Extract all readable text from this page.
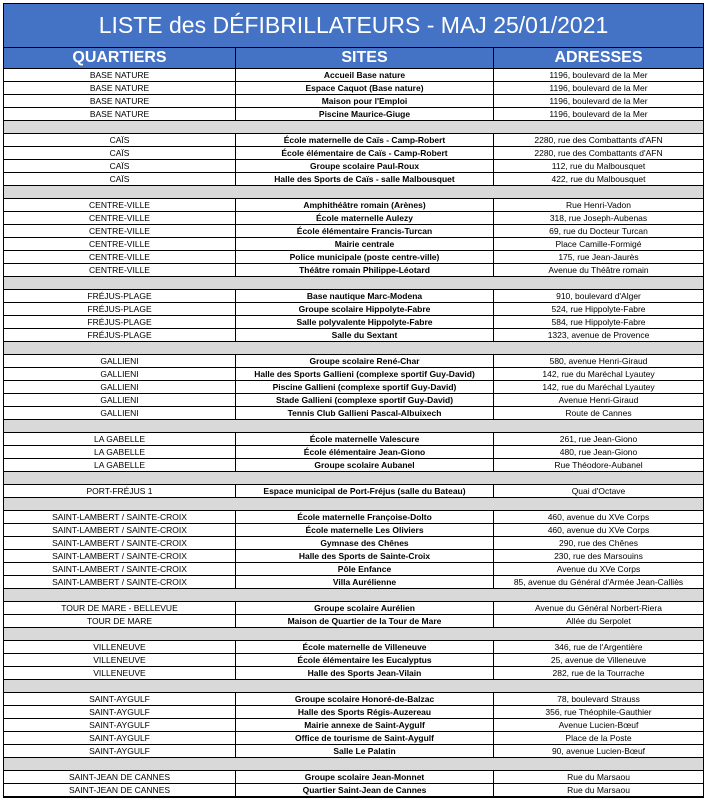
LISTE des DÉFIBRILLATEURS - MAJ 25/01/2021
QUARTIERS	SITES	ADRESSES
BASE NATURE	Accueil Base nature	1196, boulevard de la Mer
BASE NATURE	Espace Caquot (Base nature)	1196, boulevard de la Mer
BASE NATURE	Maison pour l'Emploi	1196, boulevard de la Mer
BASE NATURE	Piscine Maurice-Giuge	1196, boulevard de la Mer
CAÏS	École maternelle de Caïs - Camp-Robert	2280, rue des Combattants d'AFN
CAÏS	École élémentaire de Caïs - Camp-Robert	2280, rue des Combattants d'AFN
CAÏS	Groupe scolaire Paul-Roux	112, rue du Malbousquet
CAÏS	Halle des Sports de Caïs - salle Malbousquet	422, rue du Malbousquet
CENTRE-VILLE	Amphithéâtre romain (Arènes)	Rue Henri-Vadon
CENTRE-VILLE	École maternelle Aulezy	318, rue Joseph-Aubenas
CENTRE-VILLE	École élémentaire Francis-Turcan	69, rue du Docteur Turcan
CENTRE-VILLE	Mairie centrale	Place Camille-Formigé
CENTRE-VILLE	Police municipale (poste centre-ville)	175, rue Jean-Jaurès
CENTRE-VILLE	Théâtre romain Philippe-Léotard	Avenue du Théâtre romain
FRÉJUS-PLAGE	Base nautique Marc-Modena	910, boulevard d'Alger
FRÉJUS-PLAGE	Groupe scolaire Hippolyte-Fabre	524, rue Hippolyte-Fabre
FRÉJUS-PLAGE	Salle polyvalente Hippolyte-Fabre	584, rue Hippolyte-Fabre
FRÉJUS-PLAGE	Salle du Sextant	1323, avenue de Provence
GALLIENI	Groupe scolaire René-Char	580, avenue Henri-Giraud
GALLIENI	Halle des Sports Gallieni (complexe sportif Guy-David)	142, rue du Maréchal Lyautey
GALLIENI	Piscine Gallieni (complexe sportif Guy-David)	142, rue du Maréchal Lyautey
GALLIENI	Stade Gallieni (complexe sportif Guy-David)	Avenue Henri-Giraud
GALLIENI	Tennis Club Gallieni Pascal-Albuixech	Route de Cannes
LA GABELLE	École maternelle Valescure	261, rue Jean-Giono
LA GABELLE	École élémentaire Jean-Giono	480, rue Jean-Giono
LA GABELLE	Groupe scolaire Aubanel	Rue Théodore-Aubanel
PORT-FRÉJUS 1	Espace municipal de Port-Fréjus (salle du Bateau)	Quai d'Octave
SAINT-LAMBERT / SAINTE-CROIX	École maternelle Françoise-Dolto	460, avenue du XVe Corps
SAINT-LAMBERT / SAINTE-CROIX	École maternelle Les Oliviers	460, avenue du XVe Corps
SAINT-LAMBERT / SAINTE-CROIX	Gymnase des Chênes	290, rue des Chênes
SAINT-LAMBERT / SAINTE-CROIX	Halle des Sports de Sainte-Croix	230, rue des Marsouins
SAINT-LAMBERT / SAINTE-CROIX	Pôle Enfance	Avenue du XVe Corps
SAINT-LAMBERT / SAINTE-CROIX	Villa Aurélienne	85, avenue du Général d'Armée Jean-Calliès
TOUR DE MARE - BELLEVUE	Groupe scolaire Aurélien	Avenue du Général Norbert-Riera
TOUR DE MARE	Maison de Quartier de la Tour de Mare	Allée du Serpolet
VILLENEUVE	École maternelle de Villeneuve	346, rue de l'Argentière
VILLENEUVE	École élémentaire les Eucalyptus	25, avenue de Villeneuve
VILLENEUVE	Halle des Sports Jean-Vilain	282, rue de la Tourrache
SAINT-AYGULF	Groupe scolaire Honoré-de-Balzac	78, boulevard Strauss
SAINT-AYGULF	Halle des Sports Régis-Auzereau	356, rue Théophile-Gauthier
SAINT-AYGULF	Mairie annexe de Saint-Aygulf	Avenue Lucien-Bœuf
SAINT-AYGULF	Office de tourisme de Saint-Aygulf	Place de la Poste
SAINT-AYGULF	Salle Le Palatin	90, avenue Lucien-Bœuf
SAINT-JEAN DE CANNES	Groupe scolaire Jean-Monnet	Rue du Marsaou
SAINT-JEAN DE CANNES	Quartier Saint-Jean de Cannes	Rue du Marsaou
